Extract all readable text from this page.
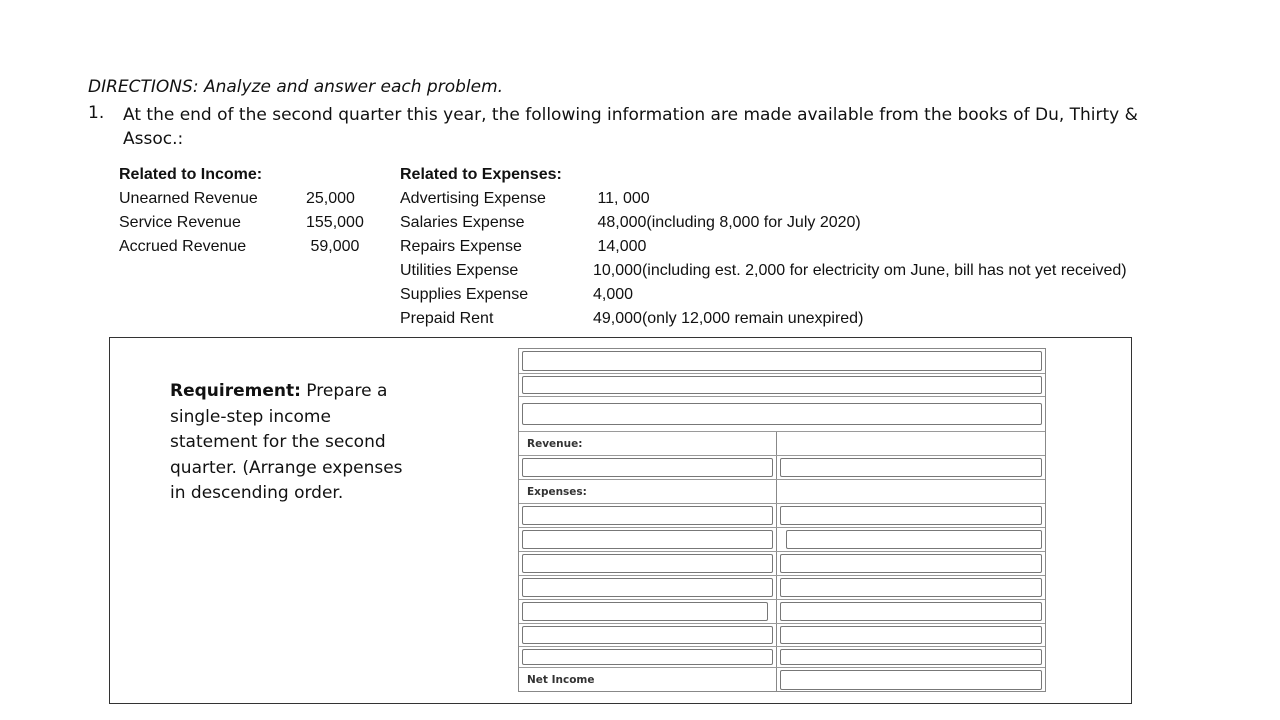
DIRECTIONS: Analyze and answer each problem.
1. At the end of the second quarter this year, the following information are made available from the books of Du, Thirty & Assoc.:
Related to Income:
Unearned Revenue	25,000
Service Revenue	155,000
Accrued Revenue	59,000
Related to Expenses:
Advertising Expense	11, 000
Salaries Expense	48,000(including 8,000 for July 2020)
Repairs Expense	14,000
Utilities Expense	10,000(including est. 2,000 for electricity om June, bill has not yet received)
Supplies Expense	4,000
Prepaid Rent	49,000(only 12,000 remain unexpired)
Requirement: Prepare a single-step income statement for the second quarter. (Arrange expenses in descending order.
Revenue:
Expenses:
Net Income
